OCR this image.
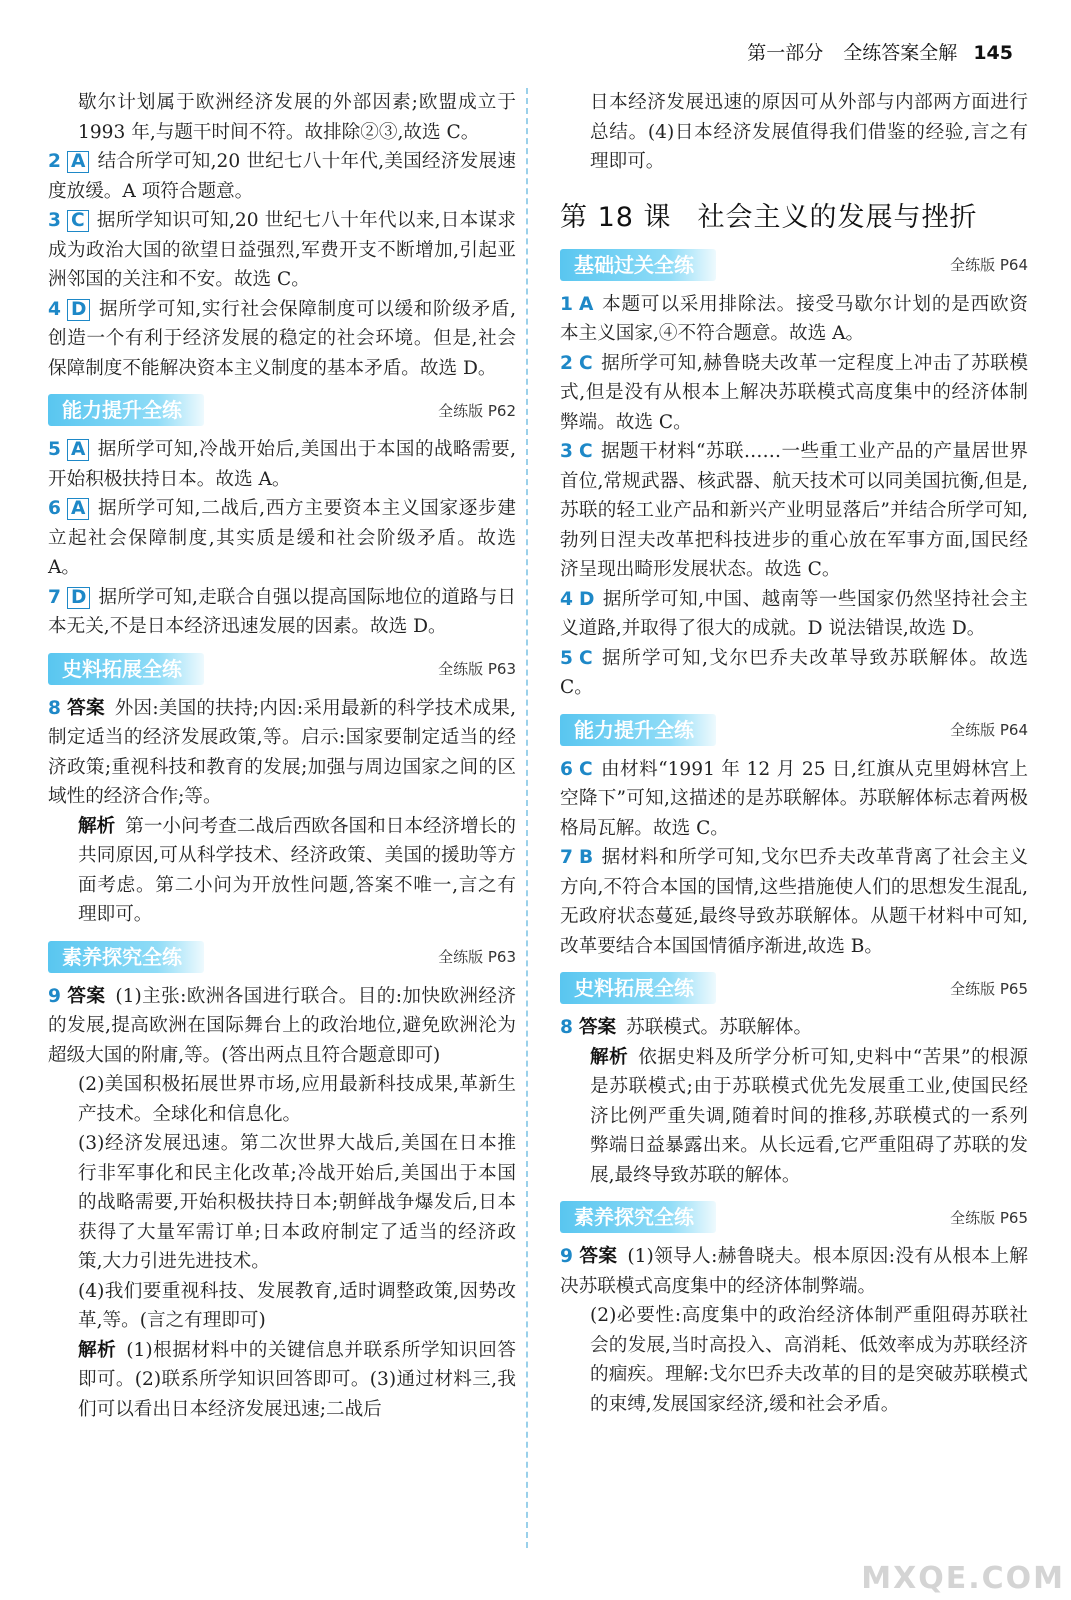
第一部分 全练答案全解 145

歇尔计划属于欧洲经济发展的外部因素;欧盟成立于 1993 年,与题干时间不符。故排除②③,故选 C。

2 A 结合所学可知,20 世纪七八十年代,美国经济发展速度放缓。A 项符合题意。

3 C 据所学知识可知,20 世纪七八十年代以来,日本谋求成为政治大国的欲望日益强烈,军费开支不断增加,引起亚洲邻国的关注和不安。故选 C。

4 D 据所学可知,实行社会保障制度可以缓和阶级矛盾,创造一个有利于经济发展的稳定的社会环境。但是,社会保障制度不能解决资本主义制度的基本矛盾。故选 D。

能力提升全练	全练版 P62

5 A 据所学可知,冷战开始后,美国出于本国的战略需要,开始积极扶持日本。故选 A。

6 A 据所学可知,二战后,西方主要资本主义国家逐步建立起社会保障制度,其实质是缓和社会阶级矛盾。故选 A。

7 D 据所学可知,走联合自强以提高国际地位的道路与日本无关,不是日本经济迅速发展的因素。故选 D。

史料拓展全练	全练版 P63

8 答案 外因:美国的扶持;内因:采用最新的科学技术成果,制定适当的经济发展政策,等。启示:国家要制定适当的经济政策;重视科技和教育的发展;加强与周边国家之间的区域性的经济合作;等。

解析 第一小问考查二战后西欧各国和日本经济增长的共同原因,可从科学技术、经济政策、美国的援助等方面考虑。第二小问为开放性问题,答案不唯一,言之有理即可。

素养探究全练	全练版 P63

9 答案 (1)主张:欧洲各国进行联合。目的:加快欧洲经济的发展,提高欧洲在国际舞台上的政治地位,避免欧洲沦为超级大国的附庸,等。(答出两点且符合题意即可)

(2)美国积极拓展世界市场,应用最新科技成果,革新生产技术。全球化和信息化。

(3)经济发展迅速。第二次世界大战后,美国在日本推行非军事化和民主化改革;冷战开始后,美国出于本国的战略需要,开始积极扶持日本;朝鲜战争爆发后,日本获得了大量军需订单;日本政府制定了适当的经济政策,大力引进先进技术。

(4)我们要重视科技、发展教育,适时调整政策,因势改革,等。(言之有理即可)

解析 (1)根据材料中的关键信息并联系所学知识回答即可。(2)联系所学知识回答即可。(3)通过材料三,我们可以看出日本经济发展迅速;二战后

日本经济发展迅速的原因可从外部与内部两方面进行总结。(4)日本经济发展值得我们借鉴的经验,言之有理即可。

第 18 课 社会主义的发展与挫折
基础过关全练	全练版 P64

1 A 本题可以采用排除法。接受马歇尔计划的是西欧资本主义国家,④不符合题意。故选 A。

2 C 据所学可知,赫鲁晓夫改革一定程度上冲击了苏联模式,但是没有从根本上解决苏联模式高度集中的经济体制弊端。故选 C。

3 C 据题干材料“苏联……一些重工业产品的产量居世界首位,常规武器、核武器、航天技术可以同美国抗衡,但是,苏联的轻工业产品和新兴产业明显落后”并结合所学可知,勃列日涅夫改革把科技进步的重心放在军事方面,国民经济呈现出畸形发展状态。故选 C。

4 D 据所学可知,中国、越南等一些国家仍然坚持社会主义道路,并取得了很大的成就。D 说法错误,故选 D。

5 C 据所学可知,戈尔巴乔夫改革导致苏联解体。故选 C。

能力提升全练	全练版 P64

6 C 由材料“1991 年 12 月 25 日,红旗从克里姆林宫上空降下”可知,这描述的是苏联解体。苏联解体标志着两极格局瓦解。故选 C。

7 B 据材料和所学可知,戈尔巴乔夫改革背离了社会主义方向,不符合本国的国情,这些措施使人们的思想发生混乱,无政府状态蔓延,最终导致苏联解体。从题干材料中可知,改革要结合本国国情循序渐进,故选 B。

史料拓展全练	全练版 P65

8 答案 苏联模式。苏联解体。

解析 依据史料及所学分析可知,史料中“苦果”的根源是苏联模式;由于苏联模式优先发展重工业,使国民经济比例严重失调,随着时间的推移,苏联模式的一系列弊端日益暴露出来。从长远看,它严重阻碍了苏联的发展,最终导致苏联的解体。

素养探究全练	全练版 P65

9 答案 (1)领导人:赫鲁晓夫。根本原因:没有从根本上解决苏联模式高度集中的经济体制弊端。

(2)必要性:高度集中的政治经济体制严重阻碍苏联社会的发展,当时高投入、高消耗、低效率成为苏联经济的痼疾。理解:戈尔巴乔夫改革的目的是突破苏联模式的束缚,发展国家经济,缓和社会矛盾。

MXQE.COM
